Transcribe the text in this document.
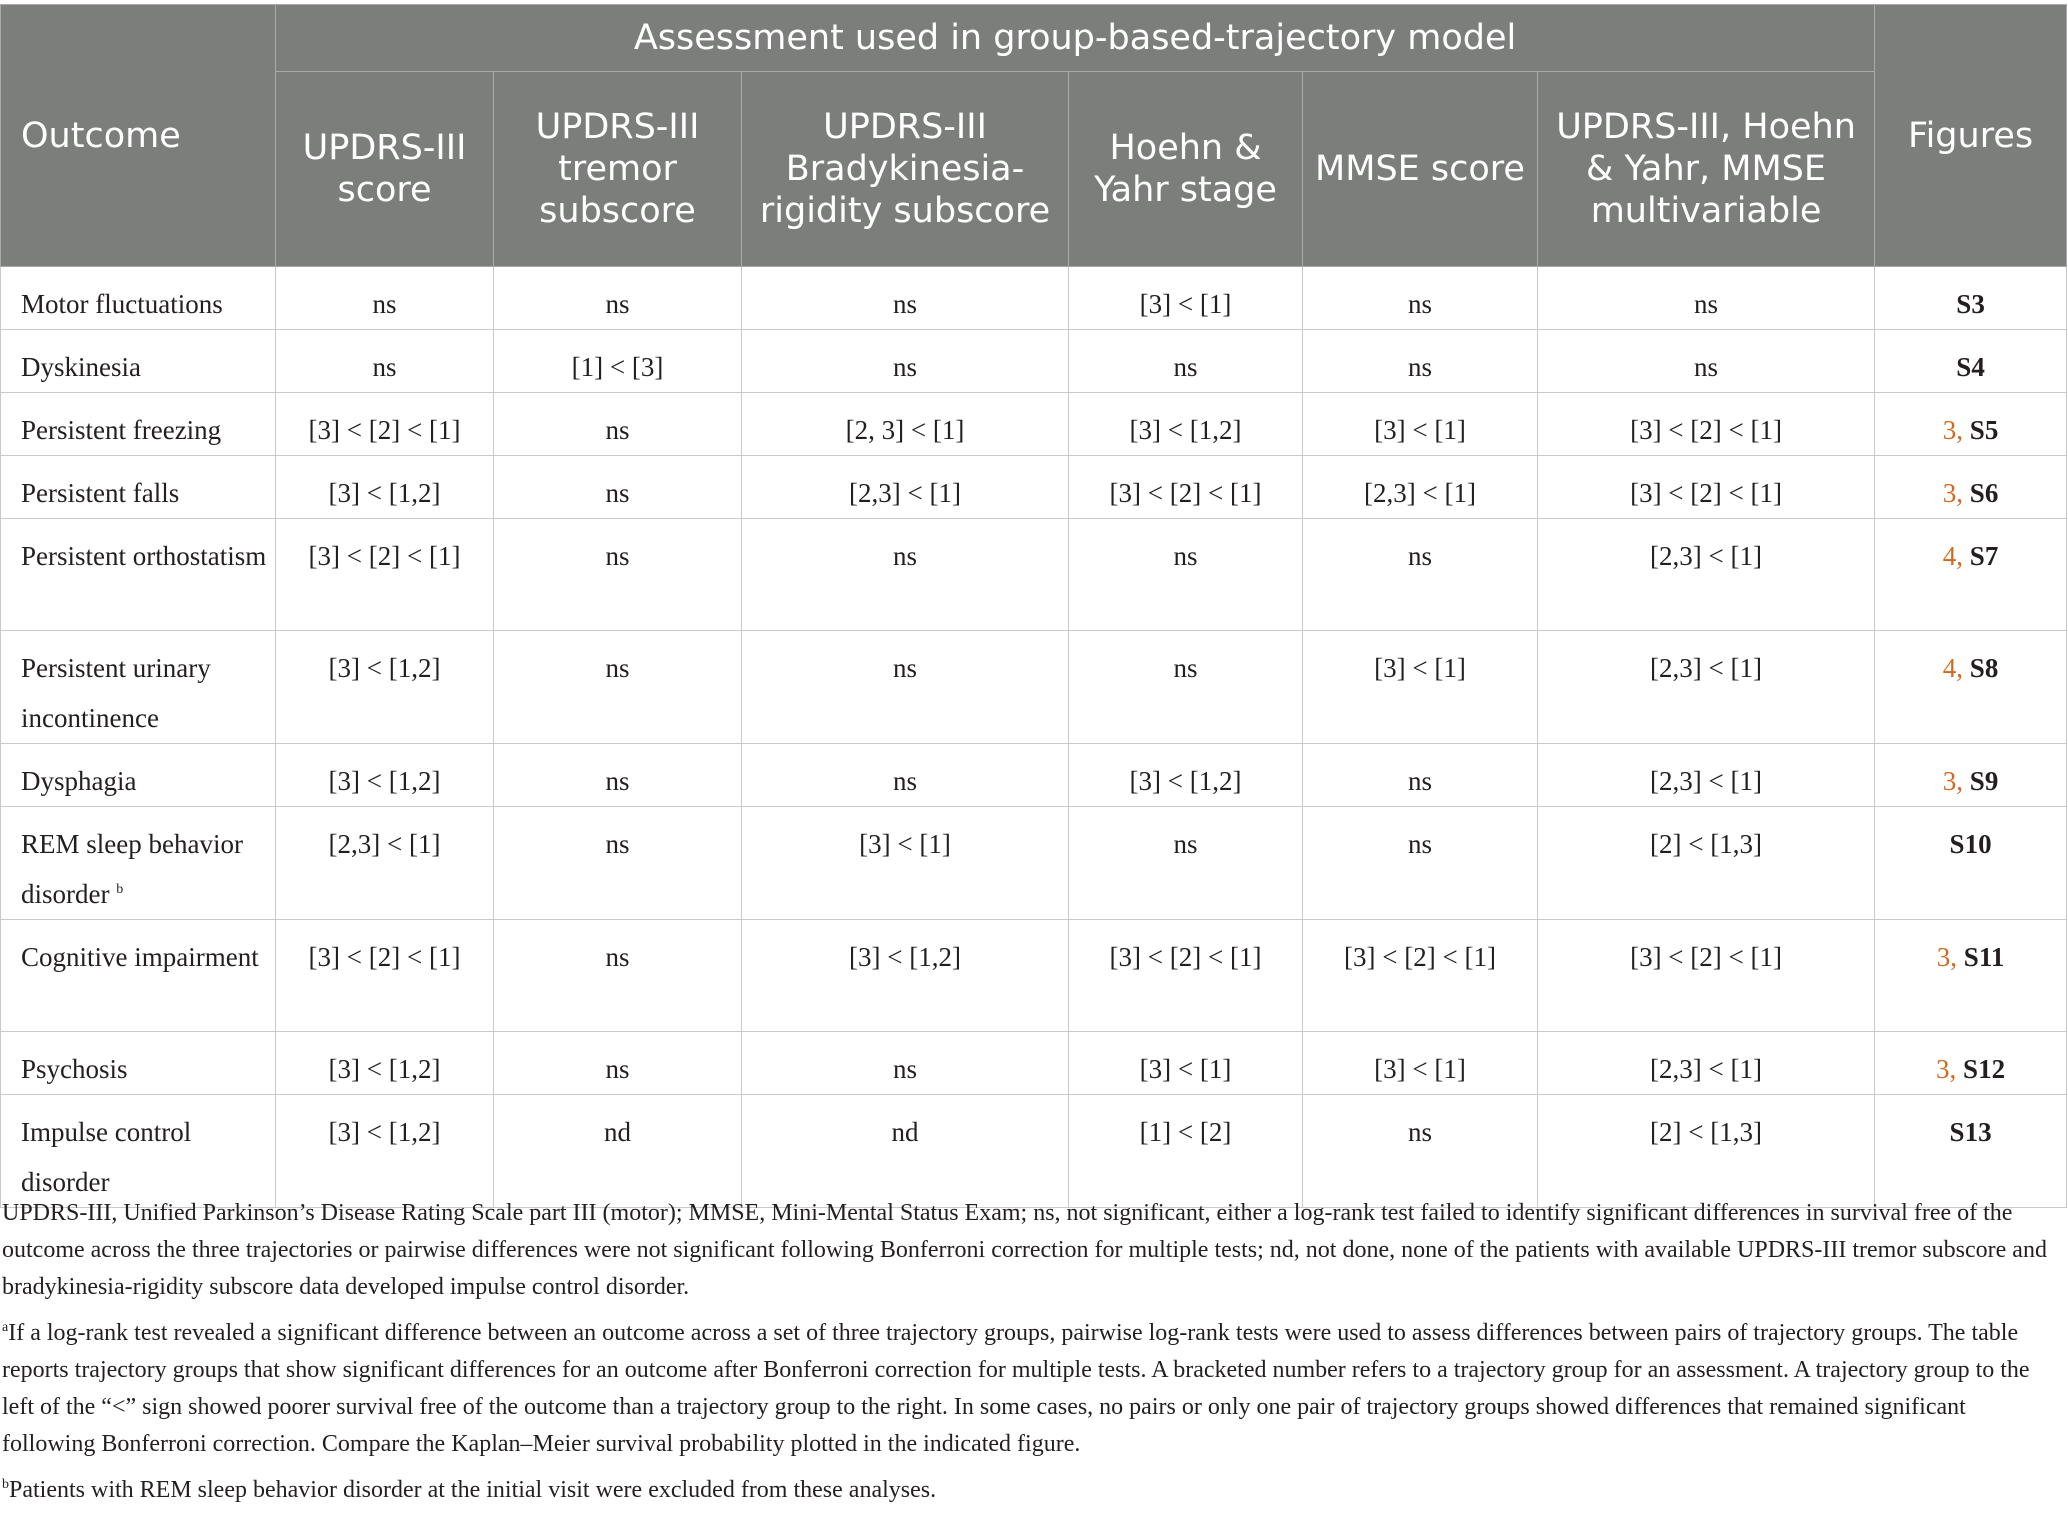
Outcome	Assessment used in group-based-trajectory model						Figures
	UPDRS-III score	UPDRS-III tremor subscore	UPDRS-III Bradykinesia-rigidity subscore	Hoehn & Yahr stage	MMSE score	UPDRS-III, Hoehn & Yahr, MMSE multivariable	
Motor fluctuations	ns	ns	ns	[3] < [1]	ns	ns	S3
Dyskinesia	ns	[1] < [3]	ns	ns	ns	ns	S4
Persistent freezing	[3] < [2] < [1]	ns	[2, 3] < [1]	[3] < [1,2]	[3] < [1]	[3] < [2] < [1]	3, S5
Persistent falls	[3] < [1,2]	ns	[2,3] < [1]	[3] < [2] < [1]	[2,3] < [1]	[3] < [2] < [1]	3, S6
Persistent orthostatism	[3] < [2] < [1]	ns	ns	ns	ns	[2,3] < [1]	4, S7
Persistent urinary incontinence	[3] < [1,2]	ns	ns	ns	[3] < [1]	[2,3] < [1]	4, S8
Dysphagia	[3] < [1,2]	ns	ns	[3] < [1,2]	ns	[2,3] < [1]	3, S9
REM sleep behavior disorder $^b$	[2,3] < [1]	ns	[3] < [1]	ns	ns	[2] < [1,3]	S10
Cognitive impairment	[3] < [2] < [1]	ns	[3] < [1,2]	[3] < [2] < [1]	[3] < [2] < [1]	[3] < [2] < [1]	3, S11
Psychosis	[3] < [1,2]	ns	ns	[3] < [1]	[3] < [1]	[2,3] < [1]	3, S12
Impulse control disorder	[3] < [1,2]	nd	nd	[1] < [2]	ns	[2] < [1,3]	S13

UPDRS-III, Unified Parkinson’s Disease Rating Scale part III (motor); MMSE, Mini-Mental Status Exam; ns, not significant, either a log-rank test failed to identify significant differences in survival free of the outcome across the three trajectories or pairwise differences were not significant following Bonferroni correction for multiple tests; nd, not done, none of the patients with available UPDRS-III tremor subscore and bradykinesia-rigidity subscore data developed impulse control disorder.

$^a$If a log-rank test revealed a significant difference between an outcome across a set of three trajectory groups, pairwise log-rank tests were used to assess differences between pairs of trajectory groups. The table reports trajectory groups that show significant differences for an outcome after Bonferroni correction for multiple tests. A bracketed number refers to a trajectory group for an assessment. A trajectory group to the left of the “<” sign showed poorer survival free of the outcome than a trajectory group to the right. In some cases, no pairs or only one pair of trajectory groups showed differences that remained significant following Bonferroni correction. Compare the Kaplan–Meier survival probability plotted in the indicated figure.

$^b$Patients with REM sleep behavior disorder at the initial visit were excluded from these analyses.
